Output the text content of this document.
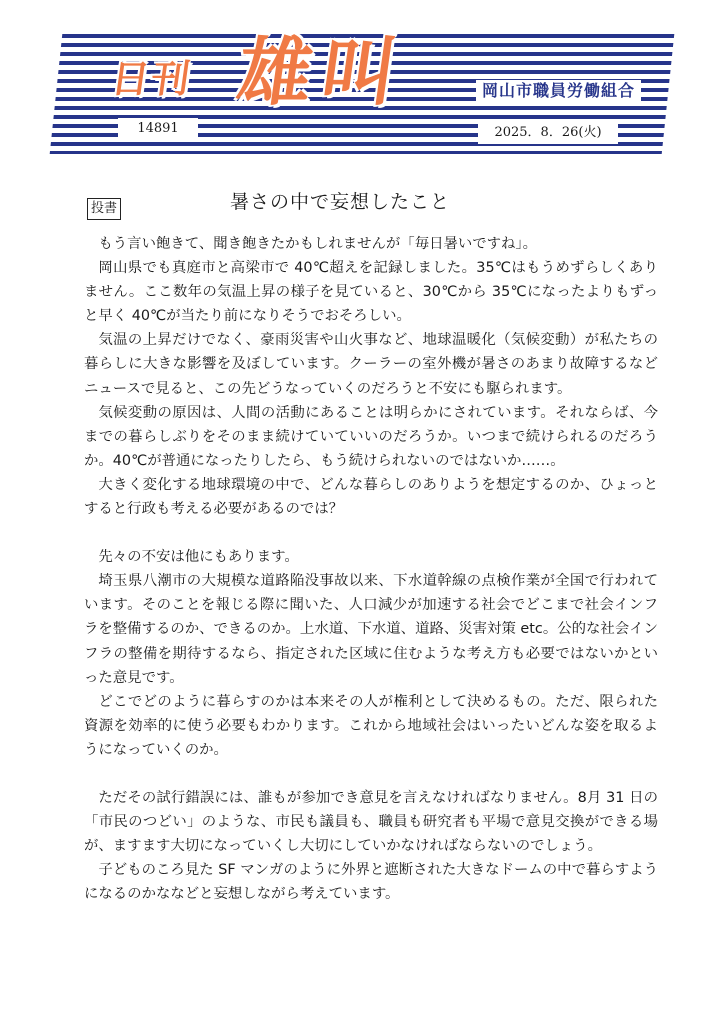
日刊 雄叫	岡山市職員労働組合
14891	2025．8．26(火)
投書	暑さの中で妄想したこと

もう言い飽きて、聞き飽きたかもしれませんが「毎日暑いですね」。

岡山県でも真庭市と高梁市で 40℃超えを記録しました。35℃はもうめずらしくありません。ここ数年の気温上昇の様子を見ていると、30℃から 35℃になったよりもずっと早く 40℃が当たり前になりそうでおそろしい。

気温の上昇だけでなく、豪雨災害や山火事など、地球温暖化（気候変動）が私たちの暮らしに大きな影響を及ぼしています。クーラーの室外機が暑さのあまり故障するなどニュースで見ると、この先どうなっていくのだろうと不安にも駆られます。

気候変動の原因は、人間の活動にあることは明らかにされています。それならば、今までの暮らしぶりをそのまま続けていていいのだろうか。いつまで続けられるのだろうか。40℃が普通になったりしたら、もう続けられないのではないか……。

大きく変化する地球環境の中で、どんな暮らしのありようを想定するのか、ひょっとすると行政も考える必要があるのでは？

先々の不安は他にもあります。

埼玉県八潮市の大規模な道路陥没事故以来、下水道幹線の点検作業が全国で行われています。そのことを報じる際に聞いた、人口減少が加速する社会でどこまで社会インフラを整備するのか、できるのか。上水道、下水道、道路、災害対策 etc。公的な社会インフラの整備を期待するなら、指定された区域に住むような考え方も必要ではないかといった意見です。

どこでどのように暮らすのかは本来その人が権利として決めるもの。ただ、限られた資源を効率的に使う必要もわかります。これから地域社会はいったいどんな姿を取るようになっていくのか。

ただその試行錯誤には、誰もが参加でき意見を言えなければなりません。8月 31 日の「市民のつどい」のような、市民も議員も、職員も研究者も平場で意見交換ができる場が、ますます大切になっていくし大切にしていかなければならないのでしょう。

子どものころ見た SF マンガのように外界と遮断された大きなドームの中で暮らすようになるのかななどと妄想しながら考えています。
